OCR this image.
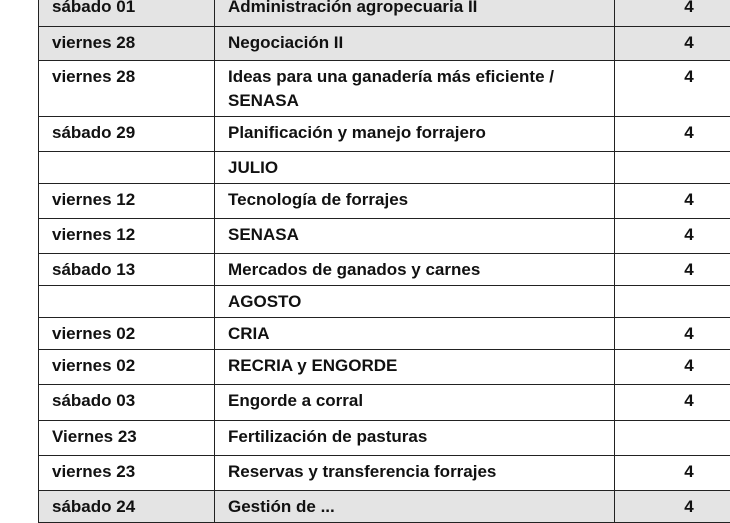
sábado 01	Administración agropecuaria II	4
viernes 28	Negociación II	4
viernes 28	Ideas para una ganadería más eficiente / SENASA	4
sábado 29	Planificación y manejo forrajero	4
	JULIO	
viernes 12	Tecnología de forrajes	4
viernes 12	SENASA	4
sábado 13	Mercados de ganados y carnes	4
	AGOSTO	
viernes 02	CRIA	4
viernes 02	RECRIA y ENGORDE	4
sábado 03	Engorde a corral	4
Viernes 23	Fertilización de pasturas	
viernes 23	Reservas y transferencia forrajes	4
sábado 24	Gestión de ...	4
